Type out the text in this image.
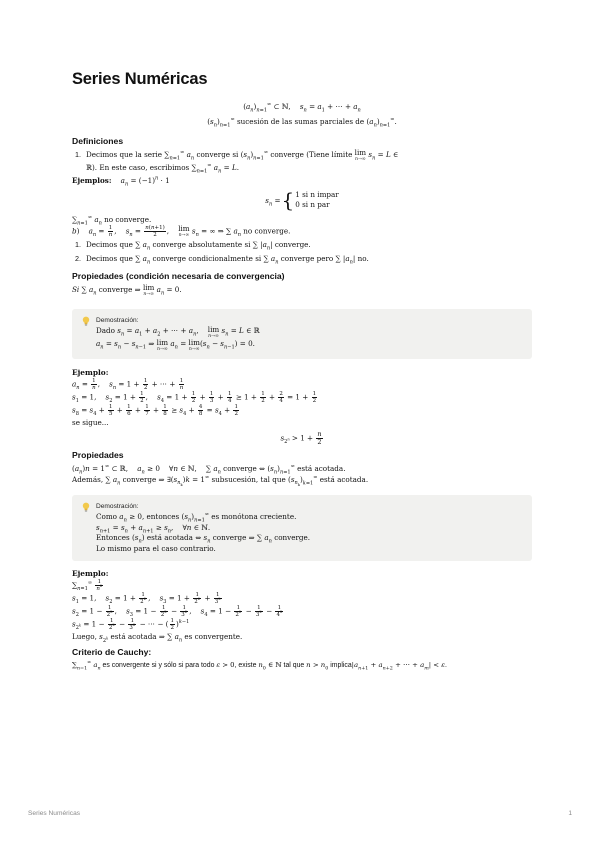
Series Numéricas
$(a_n)_{n=1}^\infty$ ⊂ ℕ,    $s_n = a_1$ + ⋯ + $a_n$
$(s_n)_{n=1}^\infty$ sucesión de las sumas parciales de $(a_n)_{n=1}^\infty$.
Definiciones
1. Decimos que la serie $\sum_{n=1}^\infty$ $a_n$ converge si $(s_n)_{n=1}^\infty$ converge (Tiene límite lim
n→∞
$s_n = L$ ∈
ℝ). En este caso, escribimos $\sum_{n=1}^\infty$ $a_n = L$.
Ejemplos: $a_n = (-1)^n \cdot 1$
$s_n$ = { 1 si n impar
0 si n par
$\sum_{n=1}^\infty$ $a_n$ no converge.
b)    $a_n = \frac{1}{n}$ ,    $s_n = \frac{n(n+1)}{2}$ , lim
n→∞ $s_n$ = ∞ ⇒ ∑ $a_n$ no converge.
1. Decimos que ∑ $a_n$ converge absolutamente si ∑ $|a_n|$ converge.
2. Decimos que ∑ $a_n$ converge condicionalmente si ∑ $a_n$ converge pero ∑ $|a_n|$ no.
Propiedades (condición necesaria de convergencia)
Si ∑ $a_n$ converge ⇒ lim
n→∞
$a_n = 0$.
Demostración:
Dado $s_n = a_1 + a_2$ + ⋯ + $a_n$, lim
n→∞
$s_n = L$ ∈ ℝ
$a_n = s_n - s_{n-1}$ ⇒ lim
n→∞
$a_n = \lim$
n→∞
$(s_n - s_{n-1}) = 0$.
Ejemplo:
$a_n = \frac{1}{n}$ ,    $s_n = 1 + \frac{1}{2}$ + ⋯ + $\frac{1}{n}$
$s_1 = 1$,    $s_2 = 1 + \frac{1}{2}$ ,    $s_4 = 1 + \frac{1}{2} + \frac{1}{3} + \frac{1}{4} \ge 1 + \frac{1}{2} + \frac{2}{4} = 1 + \frac{1}{2}$
$s_8 = s_4 + \frac{1}{5} + \frac{1}{6} + \frac{1}{7} + \frac{1}{8} \ge s_4 + \frac{4}{8} = s_4 + \frac{1}{2}$
se sigue...
$s_{2^n} > 1 + \frac{n}{2}$
Propiedades
$(a_n)n = 1^\infty$ ⊂ ℝ,    $a_n \ge 0$    ∀n ∈ ℕ,    ∑ $a_n$ converge ⇔ $(s_n)_{n=1}^\infty$ está acotada.
Además, ∑ $a_n$ converge ⇒ $\exists(s_{n_k})k = 1^\infty$ subsucesión, tal que $(s_{n_k})_{k=1}^\infty$ está acotada.
Demostración:
Como $a_n \ge 0$, entonces $(s_n)_{n=1}^\infty$ es monótona creciente.
$s_{n+1} = s_n + a_{n+1} \ge s_n$,    ∀n ∈ ℕ.
Entonces $(s_n)$ está acotada ⇔ $s_n$ converge ⇒ ∑ $a_n$ converge.
Lo mismo para el caso contrario.
Ejemplo:
$\sum_{n=1}^\infty \frac{1}{n^2}$
$s_1 = 1$,    $s_2 = 1 + \frac{1}{2^2}$ ,    $s_3 = 1 + \frac{1}{2^2} + \frac{1}{3^2}$
$s_2 = 1 - \frac{1}{2^2}$ ,    $s_3 = 1 - \frac{1}{2^2} - \frac{1}{3^2}$ ,    $s_4 = 1 - \frac{1}{2^2} - \frac{1}{3^2} - \frac{1}{4^2}$
$s_{2^k} = 1 - \frac{1}{2^2} - \frac{1}{3^2}$ − ⋯ − ( $\frac{1}{2} )^{k-1}$
Luego, $s_{2^k}$ está acotada ⇒ ∑ $a_n$ es convergente.
Criterio de Cauchy:
$\sum_{n=1}^\infty$ $a_n$ es convergente si y sólo si para todo ε > 0, existe $n_0$ ∈ ℕ tal que $n > n_0$ $implica|a_{n+1} + a_{n+2}$ + ⋯ + $a_m| < \varepsilon$.
Series Numéricas	1
